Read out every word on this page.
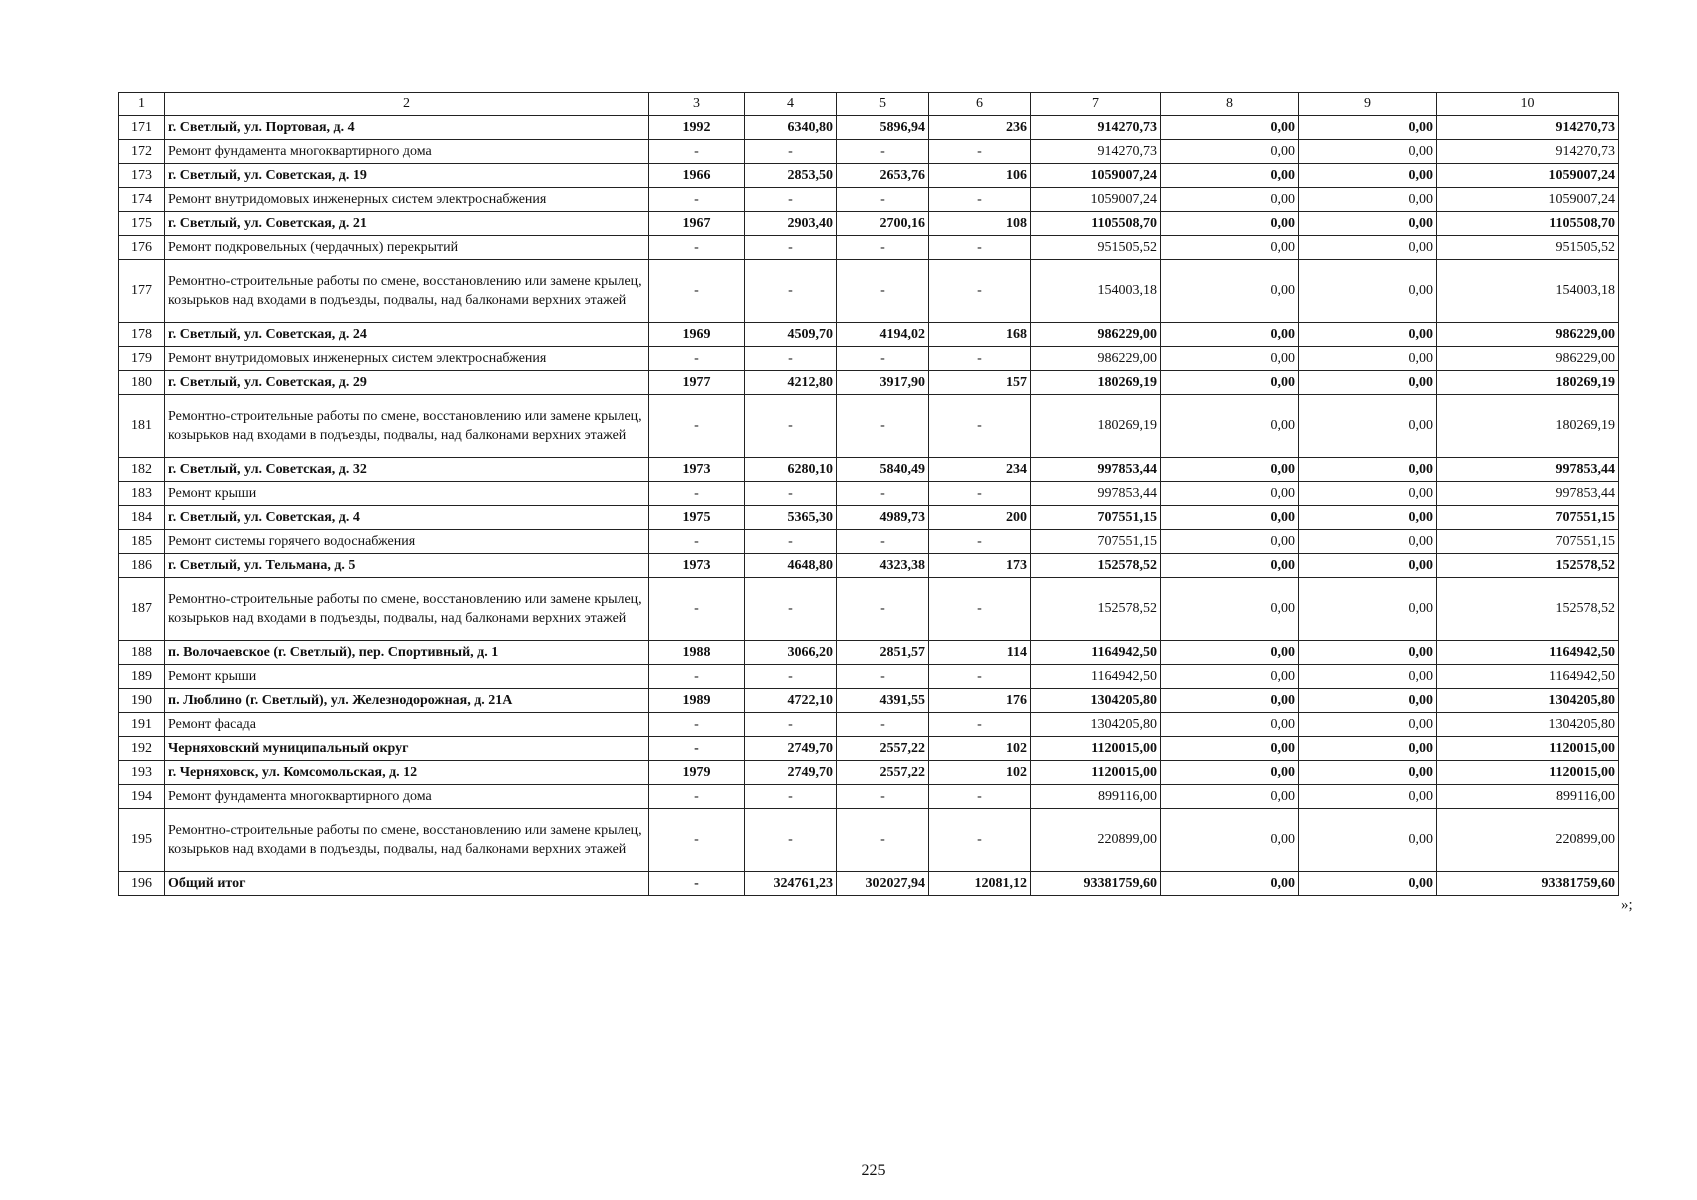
1	2	3	4	5	6	7	8	9	10
171	г. Светлый, ул. Портовая, д. 4	1992	6340,80	5896,94	236	914270,73	0,00	0,00	914270,73
172	Ремонт фундамента многоквартирного дома	-	-	-	-	914270,73	0,00	0,00	914270,73
173	г. Светлый, ул. Советская, д. 19	1966	2853,50	2653,76	106	1059007,24	0,00	0,00	1059007,24
174	Ремонт внутридомовых инженерных систем электроснабжения	-	-	-	-	1059007,24	0,00	0,00	1059007,24
175	г. Светлый, ул. Советская, д. 21	1967	2903,40	2700,16	108	1105508,70	0,00	0,00	1105508,70
176	Ремонт подкровельных (чердачных) перекрытий	-	-	-	-	951505,52	0,00	0,00	951505,52
177	Ремонтно-строительные работы по смене, восстановлению или замене крылец, козырьков над входами в подъезды, подвалы, над балконами верхних этажей	-	-	-	-	154003,18	0,00	0,00	154003,18
178	г. Светлый, ул. Советская, д. 24	1969	4509,70	4194,02	168	986229,00	0,00	0,00	986229,00
179	Ремонт внутридомовых инженерных систем электроснабжения	-	-	-	-	986229,00	0,00	0,00	986229,00
180	г. Светлый, ул. Советская, д. 29	1977	4212,80	3917,90	157	180269,19	0,00	0,00	180269,19
181	Ремонтно-строительные работы по смене, восстановлению или замене крылец, козырьков над входами в подъезды, подвалы, над балконами верхних этажей	-	-	-	-	180269,19	0,00	0,00	180269,19
182	г. Светлый, ул. Советская, д. 32	1973	6280,10	5840,49	234	997853,44	0,00	0,00	997853,44
183	Ремонт крыши	-	-	-	-	997853,44	0,00	0,00	997853,44
184	г. Светлый, ул. Советская, д. 4	1975	5365,30	4989,73	200	707551,15	0,00	0,00	707551,15
185	Ремонт системы горячего водоснабжения	-	-	-	-	707551,15	0,00	0,00	707551,15
186	г. Светлый, ул. Тельмана, д. 5	1973	4648,80	4323,38	173	152578,52	0,00	0,00	152578,52
187	Ремонтно-строительные работы по смене, восстановлению или замене крылец, козырьков над входами в подъезды, подвалы, над балконами верхних этажей	-	-	-	-	152578,52	0,00	0,00	152578,52
188	п. Волочаевское (г. Светлый), пер. Спортивный, д. 1	1988	3066,20	2851,57	114	1164942,50	0,00	0,00	1164942,50
189	Ремонт крыши	-	-	-	-	1164942,50	0,00	0,00	1164942,50
190	п. Люблино (г. Светлый), ул. Железнодорожная, д. 21А	1989	4722,10	4391,55	176	1304205,80	0,00	0,00	1304205,80
191	Ремонт фасада	-	-	-	-	1304205,80	0,00	0,00	1304205,80
192	Черняховский муниципальный округ	-	2749,70	2557,22	102	1120015,00	0,00	0,00	1120015,00
193	г. Черняховск, ул. Комсомольская, д. 12	1979	2749,70	2557,22	102	1120015,00	0,00	0,00	1120015,00
194	Ремонт фундамента многоквартирного дома	-	-	-	-	899116,00	0,00	0,00	899116,00
195	Ремонтно-строительные работы по смене, восстановлению или замене крылец, козырьков над входами в подъезды, подвалы, над балконами верхних этажей	-	-	-	-	220899,00	0,00	0,00	220899,00
196	Общий итог	-	324761,23	302027,94	12081,12	93381759,60	0,00	0,00	93381759,60
»;
225
